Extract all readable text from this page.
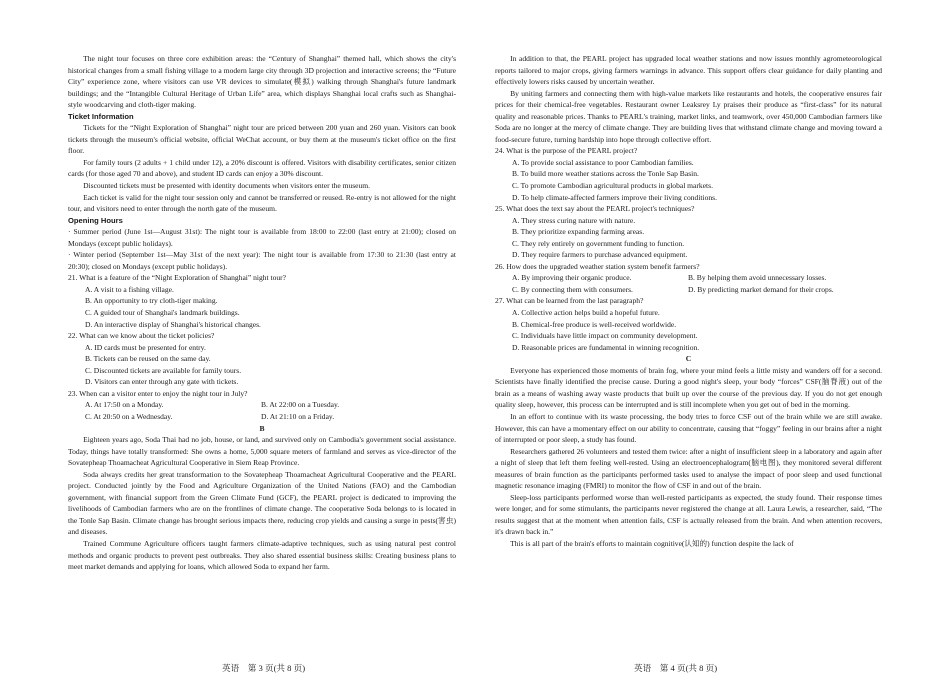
The night tour focuses on three core exhibition areas: the “Century of Shanghai” themed hall, which shows the city's historical changes from a small fishing village to a modern large city through 3D projection and interactive screens; the “Future City” experience zone, where visitors can use VR devices to simulate(模拟) walking through Shanghai's future landmark buildings; and the “Intangible Cultural Heritage of Urban Life” area, which displays Shanghai local crafts such as Shanghai-style woodcarving and cloth-tiger making.

Ticket Information

Tickets for the “Night Exploration of Shanghai” night tour are priced between 200 yuan and 260 yuan. Visitors can book tickets through the museum's official website, official WeChat account, or buy them at the museum's ticket office on the first floor.

For family tours (2 adults + 1 child under 12), a 20% discount is offered. Visitors with disability certificates, senior citizen cards (for those aged 70 and above), and student ID cards can enjoy a 30% discount.

Discounted tickets must be presented with identity documents when visitors enter the museum.

Each ticket is valid for the night tour session only and cannot be transferred or reused. Re-entry is not allowed for the night tour, and visitors need to enter through the north gate of the museum.

Opening Hours

· Summer period (June 1st—August 31st): The night tour is available from 18:00 to 22:00 (last entry at 21:00); closed on Mondays (except public holidays).

· Winter period (September 1st—May 31st of the next year): The night tour is available from 17:30 to 21:30 (last entry at 20:30); closed on Mondays (except public holidays).

21. What is a feature of the “Night Exploration of Shanghai” night tour?

A. A visit to a fishing village.

B. An opportunity to try cloth-tiger making.

C. A guided tour of Shanghai's landmark buildings.

D. An interactive display of Shanghai's historical changes.

22. What can we know about the ticket policies?

A. ID cards must be presented for entry.

B. Tickets can be reused on the same day.

C. Discounted tickets are available for family tours.

D. Visitors can enter through any gate with tickets.

23. When can a visitor enter to enjoy the night tour in July?

A. At 17:50 on a Monday.	B. At 22:00 on a Tuesday.
C. At 20:50 on a Wednesday.	D. At 21:10 on a Friday.

B

Eighteen years ago, Soda Thai had no job, house, or land, and survived only on Cambodia's government social assistance. Today, things have totally transformed: She owns a home, 5,000 square meters of farmland and serves as vice-director of the Sovatepheap Thoamacheat Agricultural Cooperative in Siem Reap Province.

Soda always credits her great transformation to the Sovatepheap Thoamacheat Agricultural Cooperative and the PEARL project. Conducted jointly by the Food and Agriculture Organization of the United Nations (FAO) and the Cambodian government, with financial support from the Green Climate Fund (GCF), the PEARL project is dedicated to improving the livelihoods of Cambodian farmers who are on the frontlines of climate change. The cooperative Soda belongs to is located in the Tonle Sap Basin. Climate change has brought serious impacts there, reducing crop yields and causing a surge in pests(害虫) and diseases.

Trained Commune Agriculture officers taught farmers climate-adaptive techniques, such as using natural pest control methods and organic products to prevent pest outbreaks. They also shared essential business skills: Creating business plans to meet market demands and applying for loans, which allowed Soda to expand her farm.

In addition to that, the PEARL project has upgraded local weather stations and now issues monthly agrometeorological reports tailored to major crops, giving farmers warnings in advance. This support offers clear guidance for daily planting and effectively lowers risks caused by uncertain weather.

By uniting farmers and connecting them with high-value markets like restaurants and hotels, the cooperative ensures fair prices for their chemical-free vegetables. Restaurant owner Leaksrey Ly praises their produce as “first-class” for its natural quality and reasonable prices. Thanks to PEARL's training, market links, and teamwork, over 450,000 Cambodian farmers like Soda are no longer at the mercy of climate change. They are building lives that withstand climate change and moving toward a food-secure future, turning hardship into hope through collective effort.

24. What is the purpose of the PEARL project?

A. To provide social assistance to poor Cambodian families.

B. To build more weather stations across the Tonle Sap Basin.

C. To promote Cambodian agricultural products in global markets.

D. To help climate-affected farmers improve their living conditions.

25. What does the text say about the PEARL project's techniques?

A. They stress curing nature with nature.

B. They prioritize expanding farming areas.

C. They rely entirely on government funding to function.

D. They require farmers to purchase advanced equipment.

26. How does the upgraded weather station system benefit farmers?

A. By improving their organic produce.	B. By helping them avoid unnecessary losses.
C. By connecting them with consumers.	D. By predicting market demand for their crops.

27. What can be learned from the last paragraph?

A. Collective action helps build a hopeful future.

B. Chemical-free produce is well-received worldwide.

C. Individuals have little impact on community development.

D. Reasonable prices are fundamental in winning recognition.

C

Everyone has experienced those moments of brain fog, where your mind feels a little misty and wanders off for a second. Scientists have finally identified the precise cause. During a good night's sleep, your body “forces” CSF(脑脊液) out of the brain as a means of washing away waste products that built up over the course of the previous day. If you do not get enough quality sleep, however, this process can be interrupted and is still incomplete when you get out of bed in the morning.

In an effort to continue with its waste processing, the body tries to force CSF out of the brain while we are still awake. However, this can have a momentary effect on our ability to concentrate, causing that “foggy” feeling in our brains after a night of interrupted or poor sleep, a study has found.

Researchers gathered 26 volunteers and tested them twice: after a night of insufficient sleep in a laboratory and again after a night of sleep that left them feeling well-rested. Using an electroencephalogram(脑电图), they monitored several different measures of brain function as the participants performed tasks used to analyse the impact of poor sleep and used functional magnetic resonance imaging (FMRI) to monitor the flow of CSF in and out of the brain.

Sleep-loss participants performed worse than well-rested participants as expected, the study found. Their response times were longer, and for some stimulants, the participants never registered the change at all. Laura Lewis, a researcher, said, “The results suggest that at the moment when attention fails, CSF is actually released from the brain. And when attention recovers, it's drawn back in.”

This is all part of the brain's efforts to maintain cognitive(认知的) function despite the lack of

英语    第 3 页(共 8 页)	英语    第 4 页(共 8 页)
